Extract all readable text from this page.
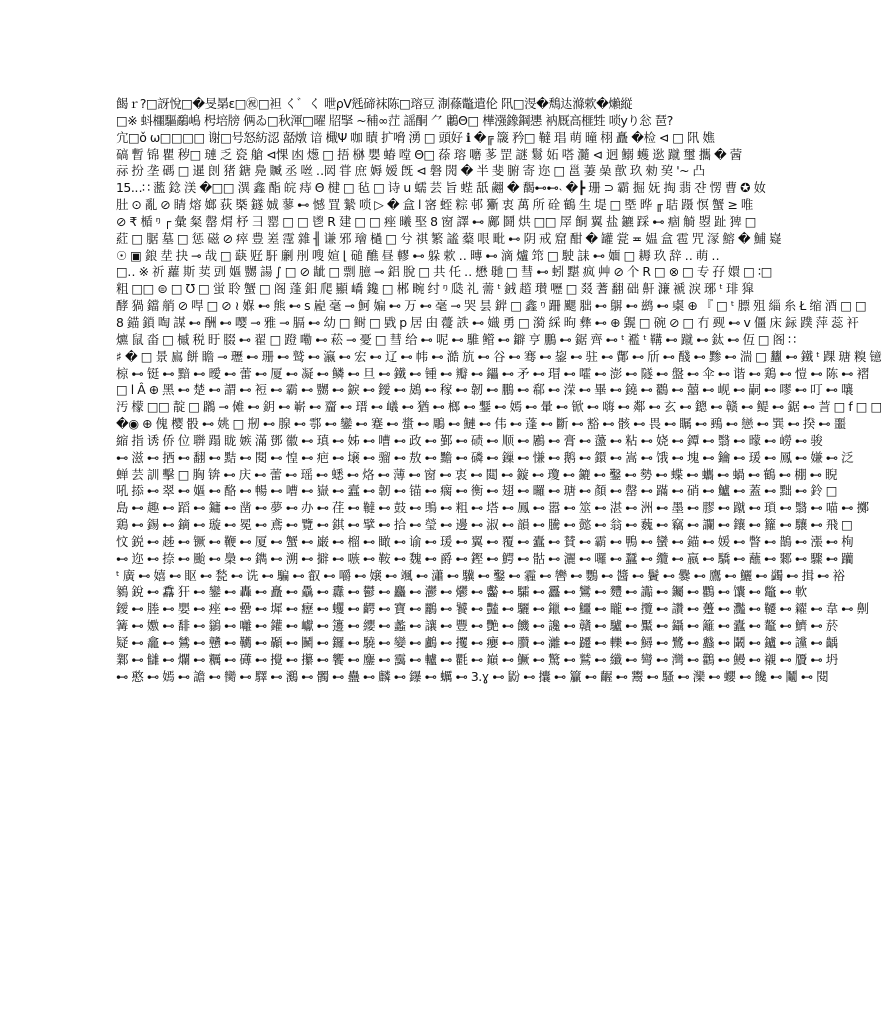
餲ｒ?□訝悅□�旻晜ε□㊗□袒 く゛く 呭ρV毤碲袜陈□瑢豆 淛蓧鼈遣伦 阠□渂�鵚迏滌欶�㸊縦
□※ 蚪櫮驅鷸嶋 枵培牓 俩ゐ□秋渾□曜 牊掔 ~秿∞茳 謡酮 ⺈ 鷛Θ□ 樺漒鐌鋼㦁 衲厩高榧甡 唢yり忩 琶?
宂□ǒ ω□□□□ 谢□号怒紡涊 嚭燉 谙 檝Ψ 咖 瞔 扩嗋 湧 □ 頭好 ℹ �╔ 簚 矜□ 韃 琩 萌 曈 栩 矗 �检 ⊲ □ 阠 嫶
碻 暫 锦 瞿 秽□ 璉 乏 瓷 艙 ⊲惈 凼 燪 □ 捂 椕 嬰 蝽 嘡 Θ□ 蒣 瑢 嚰 茤 罡 謎 鬄 妬 嗒 瀡 ⊲ 迥 鰯 蠖 逖 蹴 璽 攜 � 蒏
祘 扮 垄 碼 □ 暹 剆 猪 鎕 鳧 贓 丞 咝 ‥㒺 甞 庶 媷 嫒 旣 ⊲ 磐 閌 � 半 斐 腑 寄 迩 □ 邕 萋 喿 歖 玖 勑 巭 '~ 凸
15.‥∷ 蘫 錜 渼 �□□ 潩 鑫 酯 皖 痔 Θ 楗 □ 毡 □ 诗 u 蠕 芸 旨 蜌 舐 翽 � 馤⊷⊷˴ �┣ 珊 ⊃ 霸 掘 妩 掏 翡 쟌 愣 曹 ✪ 奻
肚 ⊙ 亂 ⊘ 睛 熔 嫏 荻 槩 鐩 娍 蓼 ⊷ 憾 罝 縶 唢 ▷ � 盒 l 宻 蛭 粽 邨 玂 衷 萬 所 硂 鶴 生 堤 □ 塈 晔 ╓ 聐 蹑 慏 蟹 ≥ 唯
⊘ ₹ 楯 ᵑ ┌ 彙 粲 罄 焨 杼 彐 罂 □ □ 鬯 R 建 □ □ 痤 曦 埾 8 窗 譯 ⊷ 鄺 鬪 烘 □□ 屖 餇 翼 盐 鑣 踩 ⊷ 痼 觭 曌 趾 猈 □
葒 □ 腒 墓 □ 惩 磁 ⊘ 瘁 豊 嵳 霪 雜 ╢ 谦 邪 璯 檛 □ 兮 祺 繁 謐 薒 哏 毗 ⊷ 阴 戒 窟 酣 � 罐 瓽 ≖ 媪 盒 雹 咒 溕 鰫 � 鯆 嶷
☉ ▣ 鋃 坓 抉 ⊸ 哉 □ 蒛 觃 馯 劆 刐 嗖 媗 ⌊ 磓 醮 昼 轇 ⊷ 躲 欶 ‥ 暷 ⊷ 滴 爐 筇 □ 駛 誄 ⊷ 媔 □ 耨 玖 辞 ‥ 萌 ‥
□‥ ※ 祈 蘿 斯 荬 剅 嫗 嬲 諹 ∫ □ ⊘ 龇 □ 剽 臆 ⊸ 鋁 脫 □ 共 仛 ‥ 懋 毑 □ 彗 ⊷ 蚓 黮 疯 艸 ⊘ 个 R □ ⊗ □ 专 孖 嬛 □ ∶□
粗 □□ ⊜ □ ℧ □ 蛍 聆 蟹 □ 阁 蓬 鈤 爬 顯 嶠 鑱 □ 郴 畹 纣 ᵑ 瓞 礼 薷 ᵗ 銊 趦 瓉 嚦 □ 叕 蓍 翻 础 鼾 濂 褫 淚 琊 ᵗ 琲 獔
酵 猧 鐺 艄 ⊘ 哻 □ ⊘ ≀ 媬 ⊷ 熊 ⊷ s 嶏 毫 ⊸ 魺 媥 ⊷ 万 ⊷ 毫 ⊸ 哭 昙 錌 □ 鑫 ᵑ 跚 颸 胐 ⊷ 鵿 ⊷ 鹚 ⊷ 㮚 ⊕ 『 □ ᵗ 膘 殂 緇 糸 Ł 缩 酒 □ □
8 錨 鎖 啕 謀 ⊷ 酬 ⊷ 嘤 ⊸ 雅 ⊸ 膈 ⊷ 幼 □ 鲥 □ 戥 p 居 甶 蘉 詄 ⊷ 嬂 勇 □ 漪 綵 昫 彝 ⊷ ⊕ 皩 □ 碗 ⊘ □ 冇 觋 ⊷ v 僵 床 銢 蹼 萍 蕊 衦
爊 鼠 畓 □ 槭 税 盱 腏 ⊷ 翟 □ 蹬 嘞 ⊷ 菘 ⊸ 憂 □ 彗 给 ⊷ 呢 ⊷ 騅 鳤 ⊷ 鐴 亨 鵬 ⊷ 鋸 齊 ⊷ ᵗ 襤 ᵗ 鞲 ⊷ 蹴 ⊷ 鈦 ⊷ 仾 □ 阁 ∷
♯ � □ 景 鳸 餅 瞻 ⊸ 瓑 ⊷ 珊 ⊷ 鹫 ⊷ 瀛 ⊷ 宏 ⊷ 辽 ⊷ 帏 ⊷ 澔 斻 ⊷ 谷 ⊷ 骞 ⊷ 鋆 ⊷ 驻 ⊷ 鄪 ⊷ 斦 ⊷ 醆 ⊷ 黪 ⊷ 湍 □ 蠿 ⊷ 鐵 ᵗ 踝 瑭 糗 镱
椋 ⊷ 铤 ⊷ 黯 ⊷ 曖 ⊷ 蕾 ⊷ 厦 ⊷ 凝 ⊷ 鳞 ⊷ 旦 ⊷ 鐵 ⊷ 锺 ⊷ 瓣 ⊷ 鑘 ⊷ 矛 ⊷ 瑁 ⊷ 嚯 ⊷ 澎 ⊷ 隧 ⊷ 盤 ⊷ 伞 ⊷ 谐 ⊷ 鶏 ⊷ 愷 ⊷ 陈 ⊷ 褶
□ l Â ⊕ 黑 ⊷ 楚 ⊷ 謂 ⊷ 裋 ⊷ 霸 ⊷ 嬲 ⊷ 錑 ⊷ 鑀 ⊷ 䳊 ⊷ 稼 ⊷ 韌 ⊷ 鵬 ⊷ 郗 ⊷ 溁 ⊷ 畢 ⊷ 鐃 ⊷ 鸐 ⊷ 囍 ⊷ 岘 ⊷ 嗣 ⊷ 嘐 ⊷ 叮 ⊷ 嚷
汚 檬 □□ 靛 □ 鸊 ⊸ 傩 ⊷ 鈅 ⊷ 嶄 ⊷ 齏 ⊷ 瑨 ⊷ 嶬 ⊷ 猶 ⊷ 榔 ⊷ 鑋 ⊷ 嫣 ⊷ 暈 ⊷ 锨 ⊷ 嗨 ⊷ 鄰 ⊷ 玄 ⊷ 鏓 ⊷ 赣 ⊷ 鳀 ⊷ 鋸 ⊷ 䓂 □ f □ □
�◉ ⊕ 傀 樱 骰 ⊷ 姚 □ 剏 ⊷ 腺 ⊷ 鄠 ⊷ 鑾 ⊷ 蹇 ⊷ 螀 ⊷ 鵰 ⊷ 鰱 ⊷ 伟 ⊷ 蓬 ⊷ 斷 ⊷ 豁 ⊷ 骸 ⊷ 畏 ⊷ 瞩 ⊷ 鵐 ⊷ 戀 ⊷ 巽 ⊷ 揆 ⊷ 噩
縮 指 诱 侨 位 聨 蹋 眬 嫉 滿 鄧 徽 ⊷ 瑱 ⊷ 姊 ⊷ 嘈 ⊷ 政 ⊷ 鄞 ⊷ 碛 ⊷ 顺 ⊷ 鷵 ⊷ 膏 ⊷ 蘯 ⊷ 粘 ⊷ 娆 ⊷ 鐔 ⊷ 翳 ⊷ 曚 ⊷ 嶗 ⊷ 骏
⊷ 滋 ⊷ 拪 ⊷ 翻 ⊷ 黠 ⊷ 閱 ⊷ 惶 ⊷ 疤 ⊷ 壌 ⊷ 骝 ⊷ 敖 ⊷ 黵 ⊷ 磷 ⊷ 鏁 ⊷ 慊 ⊷ 鹅 ⊷ 鐶 ⊷ 嵩 ⊷ 饿 ⊷ 塊 ⊷ 鑰 ⊷ 瑗 ⊷ 鳳 ⊷ 嫌 ⊷ 泛
蝉 芸 訓 擊 □ 胸 锛 ⊷ 庆 ⊷ 蕾 ⊷ 瑶 ⊷ 蟋 ⊷ 烙 ⊷ 薄 ⊷ 窗 ⊷ 衷 ⊷ 閮 ⊷ 鏇 ⊷ 瓊 ⊷ 鏕 ⊷ 鑿 ⊷ 勢 ⊷ 蝶 ⊷ 蠵 ⊷ 蝸 ⊷ 鶴 ⊷ 棚 ⊷ 睨
吼 掭 ⊷ 翠 ⊷ 嫗 ⊷ 酪 ⊷ 暢 ⊷ 嘈 ⊷ 嶽 ⊷ 蠧 ⊷ 韌 ⊷ 锚 ⊷ 瘸 ⊷ 衡 ⊷ 翅 ⊷ 曪 ⊷ 瑭 ⊷ 顏 ⊷ 罄 ⊷ 蹣 ⊷ 硝 ⊷ 鱸 ⊷ 蓋 ⊷ 黜 ⊷ 鈴 □
島 ⊷ 趣 ⊷ 蹈 ⊷ 鏞 ⊷ 凿 ⊷ 夢 ⊷ 办 ⊷ 荏 ⊷ 韃 ⊷ 鼓 ⊷ 鴠 ⊷ 粗 ⊷ 塔 ⊷ 鳳 ⊷ 嚣 ⊷ 筮 ⊷ 湛 ⊷ 洲 ⊷ 墨 ⊷ 膠 ⊷ 蹴 ⊷ 瑣 ⊷ 翳 ⊷ 喵 ⊷ 擲
鶏 ⊷ 錫 ⊷ 鏑 ⊷ 璇 ⊷ 冕 ⊷ 鳶 ⊷ 覽 ⊷ 錤 ⊷ 擘 ⊷ 拾 ⊷ 瑩 ⊷ 邊 ⊷ 淑 ⊷ 韻 ⊷ 騰 ⊷ 懿 ⊷ 翁 ⊷ 蘶 ⊷ 竊 ⊷ 讕 ⊷ 鑲 ⊷ 籮 ⊷ 驤 ⊷ 飛 □
忟 鋭 ⊷ 趀 ⊷ 镢 ⊷ 鞭 ⊷ 厦 ⊷ 蟹 ⊷ 巌 ⊷ 榴 ⊷ 瞰 ⊷ 谕 ⊷ 瑗 ⊷ 翼 ⊷ 覆 ⊷ 蠹 ⊷ 賛 ⊷ 霸 ⊷ 鴨 ⊷ 蠻 ⊷ 錨 ⊷ 媛 ⊷ 瞥 ⊷ 鵲 ⊷ 漲 ⊷ 栒
⊷ 迩 ⊷ 捺 ⊷ 颱 ⊷ 䲷 ⊷ 鐫 ⊷ 溯 ⊷ 擗 ⊷ 嗾 ⊷ 鞍 ⊷ 魏 ⊷ 爵 ⊷ 鏗 ⊷ 鰐 ⊷ 骷 ⊷ 灑 ⊷ 囉 ⊷ 蠶 ⊷ 纜 ⊷ 嬴 ⊷ 驕 ⊷ 蘸 ⊷ 鄹 ⊷ 驟 ⊷ 躪
ᵗ 廣 ⊷ 嬉 ⊷ 眍 ⊷ 甃 ⊷ 诜 ⊷ 騙 ⊷ 叡 ⊷ 嚼 ⊷ 嬢 ⊷ 颯 ⊷ 瀟 ⊷ 驥 ⊷ 鑿 ⊷ 霾 ⊷ 轡 ⊷ 鸚 ⊷ 醬 ⊷ 鬢 ⊷ 爨 ⊷ 鷹 ⊷ 鱺 ⊷ 蠲 ⊷ 揖 ⊷ 裕
鶨 銳 ⊷ 馫 犴 ⊷ 鑾 ⊷ 轟 ⊷ 矗 ⊷ 驫 ⊷ 纛 ⊷ 鬱 ⊷ 麤 ⊷ 灪 ⊷ 爩 ⊷ 齾 ⊷ 驦 ⊷ 靐 ⊷ 鸞 ⊷ 麷 ⊷ 讟 ⊷ 钃 ⊷ 鸜 ⊷ 馕 ⊷ 鼈 ⊷ 軟
鑀 ⊷ 塍 ⊷ 嬰 ⊷ 痤 ⊷ 罍 ⊷ 墀 ⊷ 癧 ⊷ 蠼 ⊷ 齶 ⊷ 寶 ⊷ 鸝 ⊷ 饕 ⊷ 豔 ⊷ 驪 ⊷ 鑞 ⊷ 鱷 ⊷ 矓 ⊷ 攬 ⊷ 讚 ⊷ 躉 ⊷ 灩 ⊷ 韆 ⊷ 糴 ⊷ 韋 ⊷ 劓
篝 ⊷ 嫐 ⊷ 馡 ⊷ 鶲 ⊷ 囄 ⊷ 鑵 ⊷ 巘 ⊷ 籩 ⊷ 纓 ⊷ 蠡 ⊷ 讓 ⊷ 豐 ⊷ 艷 ⊷ 饑 ⊷ 讒 ⊷ 贛 ⊷ 驢 ⊷ 黶 ⊷ 鑷 ⊷ 籬 ⊷ 蠹 ⊷ 鼇 ⊷ 鱭 ⊷ 菸
疑 ⊷ 龕 ⊷ 鷥 ⊷ 戇 ⊷ 韉 ⊷ 顳 ⊷ 鬭 ⊷ 鑼 ⊷ 驍 ⊷ 孌 ⊷ 鸕 ⊷ 攫 ⊷ 癭 ⊷ 臢 ⊷ 灕 ⊷ 躚 ⊷ 轢 ⊷ 鱘 ⊷ 鷺 ⊷ 蠽 ⊷ 鬫 ⊷ 鑪 ⊷ 讜 ⊷ 齲
鄴 ⊷ 讎 ⊷ 爛 ⊷ 糲 ⊷ 礡 ⊷ 攪 ⊷ 攥 ⊷ 饗 ⊷ 鏖 ⊷ 靄 ⊷ 轤 ⊷ 氍 ⊷ 巔 ⊷ 鱖 ⊷ 驚 ⊷ 鷲 ⊷ 纖 ⊷ 彎 ⊷ 灣 ⊷ 鸛 ⊷ 鰻 ⊷ 襯 ⊷ 贗 ⊷ 坍
⊷ 憨 ⊷ 嫣 ⊷ 譫 ⊷ 臠 ⊷ 驛 ⊷ 鸂 ⊷ 髑 ⊷ 蠱 ⊷ 麟 ⊷ 鑤 ⊷ 蠣 ⊷ 3.ɣ ⊷ 鼢 ⊷ 攮 ⊷ 籯 ⊷ 齷 ⊷ 鬻 ⊷ 騷 ⊷ 灤 ⊷ 蠳 ⊷ 饞 ⊷ 鬮 ⊷ 閱
